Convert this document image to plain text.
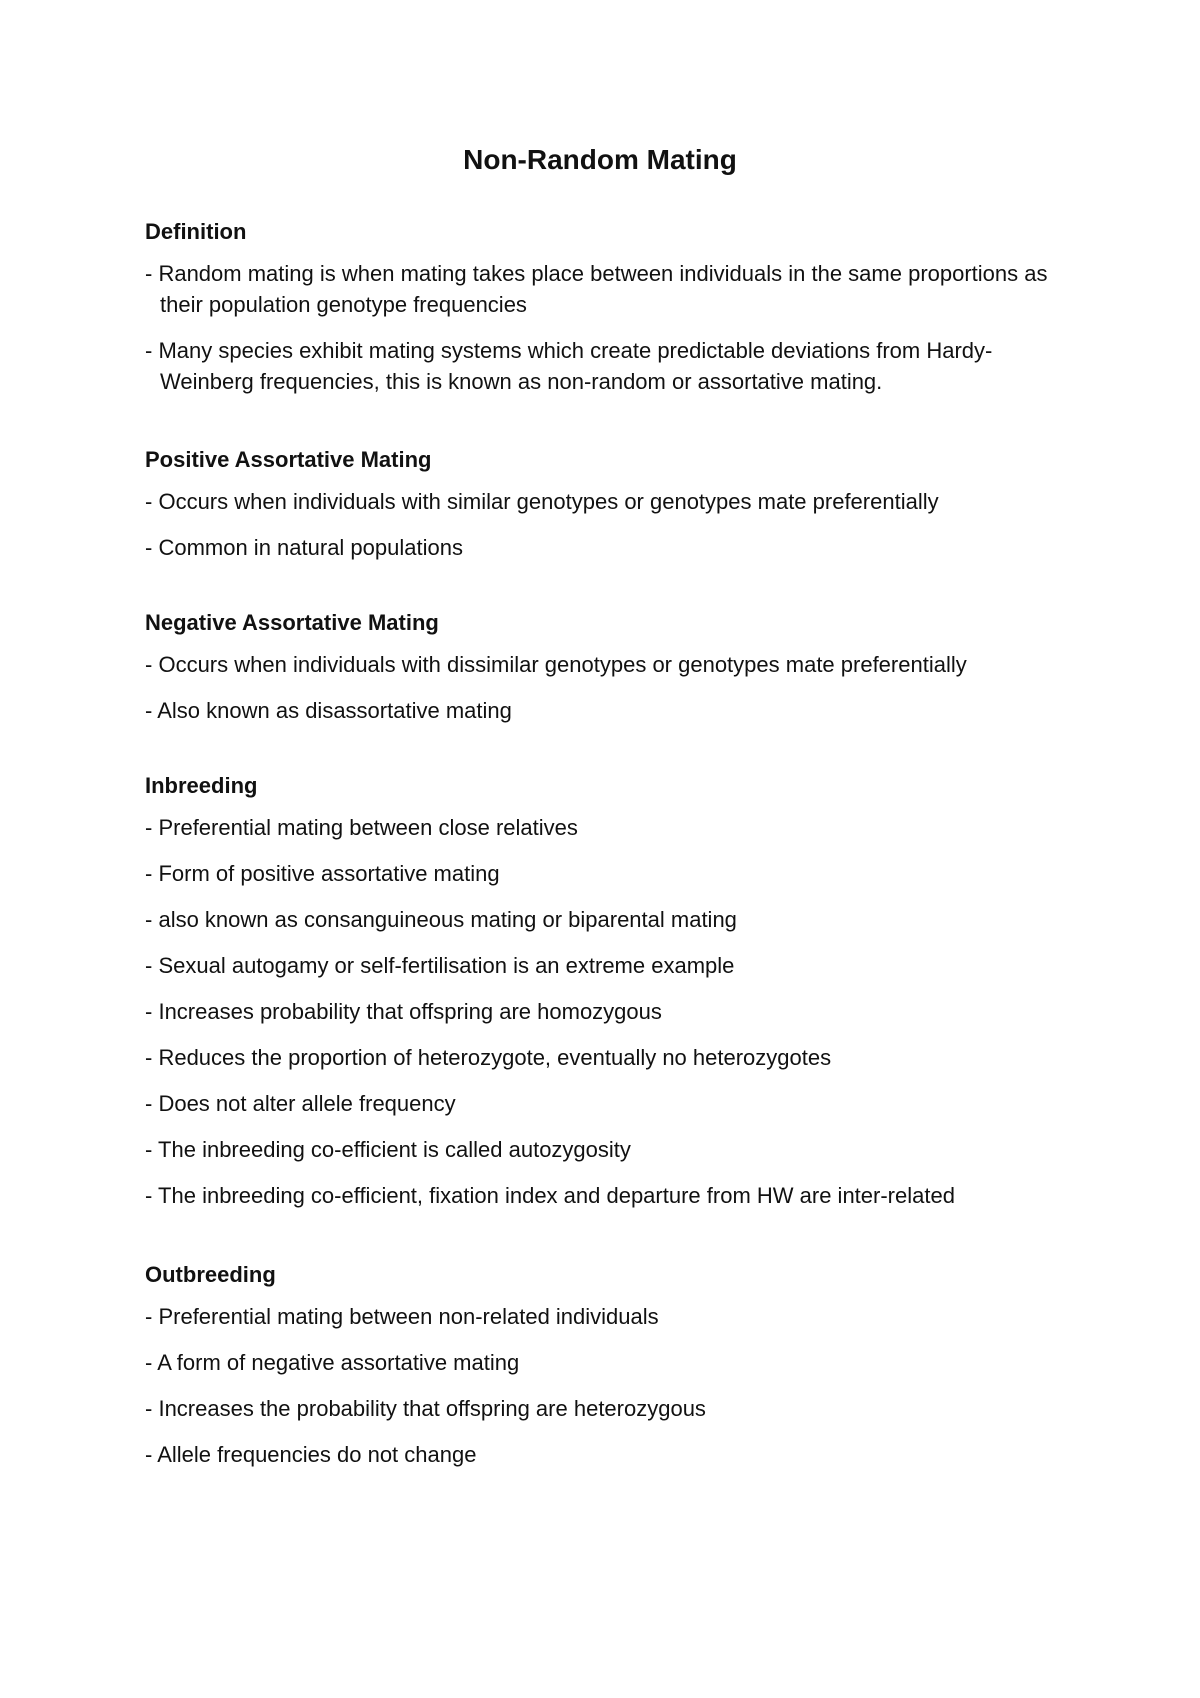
Non-Random Mating
Definition
- Random mating is when mating takes place between individuals in the same proportions as their population genotype frequencies
- Many species exhibit mating systems which create predictable deviations from Hardy-Weinberg frequencies, this is known as non-random or assortative mating.
Positive Assortative Mating
- Occurs when individuals with similar genotypes or genotypes mate preferentially
- Common in natural populations
Negative Assortative Mating
- Occurs when individuals with dissimilar genotypes or genotypes mate preferentially
- Also known as disassortative mating
Inbreeding
- Preferential mating between close relatives
- Form of positive assortative mating
- also known as consanguineous mating or biparental mating
- Sexual autogamy or self-fertilisation is an extreme example
- Increases probability that offspring are homozygous
- Reduces the proportion of heterozygote, eventually no heterozygotes
- Does not alter allele frequency
- The inbreeding co-efficient is called autozygosity
- The inbreeding co-efficient, fixation index and departure from HW are inter-related
Outbreeding
- Preferential mating between non-related individuals
- A form of negative assortative mating
- Increases the probability that offspring are heterozygous
- Allele frequencies do not change
